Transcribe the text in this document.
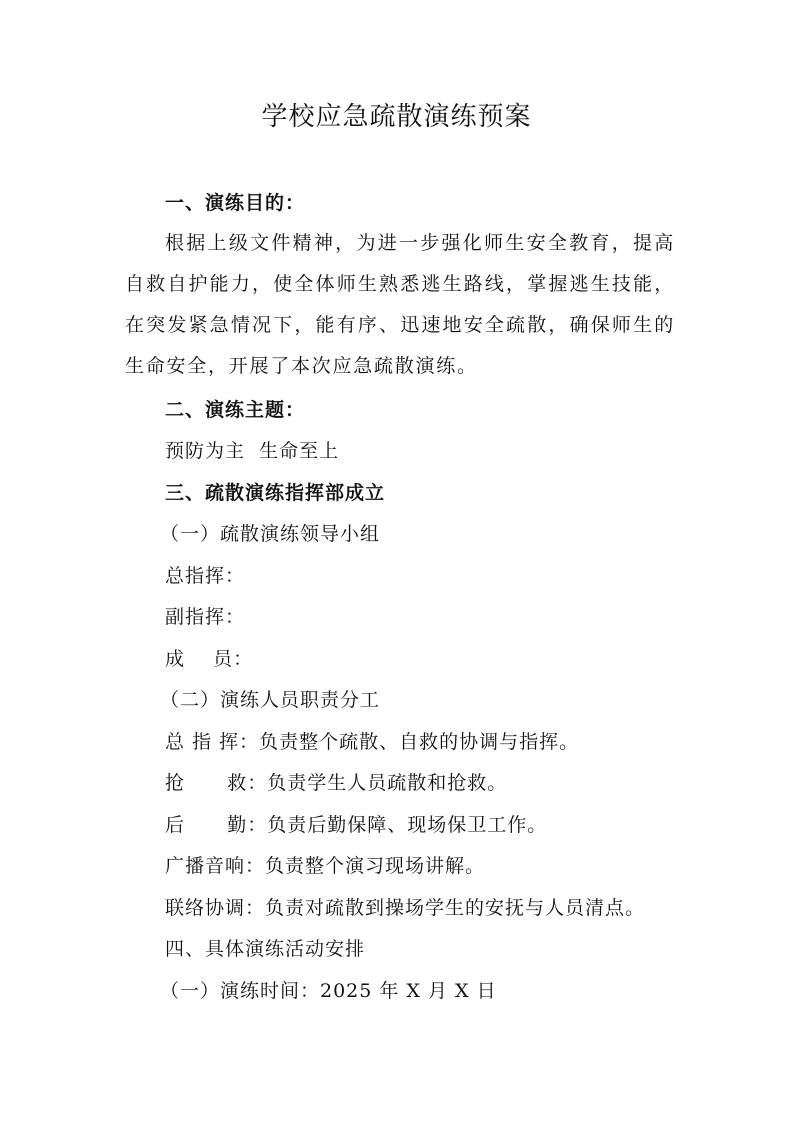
学校应急疏散演练预案
一、演练目的：
根据上级文件精神，为进一步强化师生安全教育，提高自救自护能力，使全体师生熟悉逃生路线，掌握逃生技能，在突发紧急情况下，能有序、迅速地安全疏散，确保师生的生命安全，开展了本次应急疏散演练。
二、演练主题：
预防为主  生命至上
三、疏散演练指挥部成立
（一）疏散演练领导小组
总指挥：
副指挥：
成    员：
（二）演练人员职责分工
总 指 挥：负责整个疏散、自救的协调与指挥。
抢      救：负责学生人员疏散和抢救。
后      勤：负责后勤保障、现场保卫工作。
广播音响：负责整个演习现场讲解。
联络协调：负责对疏散到操场学生的安抚与人员清点。
四、具体演练活动安排
（一）演练时间：2025 年 X 月 X 日
